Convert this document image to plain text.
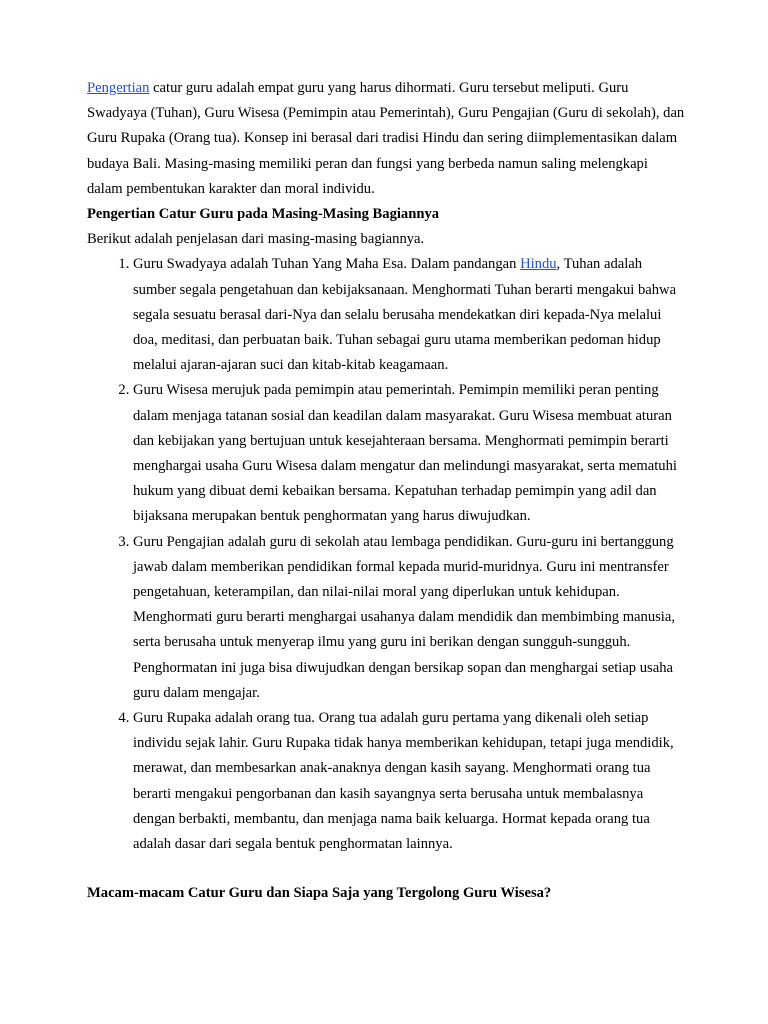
Pengertian catur guru adalah empat guru yang harus dihormati. Guru tersebut meliputi. Guru Swadyaya (Tuhan), Guru Wisesa (Pemimpin atau Pemerintah), Guru Pengajian (Guru di sekolah), dan Guru Rupaka (Orang tua). Konsep ini berasal dari tradisi Hindu dan sering diimplementasikan dalam budaya Bali. Masing-masing memiliki peran dan fungsi yang berbeda namun saling melengkapi dalam pembentukan karakter dan moral individu.

Pengertian Catur Guru pada Masing-Masing Bagiannya

Berikut adalah penjelasan dari masing-masing bagiannya.

1. Guru Swadyaya adalah Tuhan Yang Maha Esa. Dalam pandangan Hindu, Tuhan adalah sumber segala pengetahuan dan kebijaksanaan. Menghormati Tuhan berarti mengakui bahwa segala sesuatu berasal dari-Nya dan selalu berusaha mendekatkan diri kepada-Nya melalui doa, meditasi, dan perbuatan baik. Tuhan sebagai guru utama memberikan pedoman hidup melalui ajaran-ajaran suci dan kitab-kitab keagamaan.
2. Guru Wisesa merujuk pada pemimpin atau pemerintah. Pemimpin memiliki peran penting dalam menjaga tatanan sosial dan keadilan dalam masyarakat. Guru Wisesa membuat aturan dan kebijakan yang bertujuan untuk kesejahteraan bersama. Menghormati pemimpin berarti menghargai usaha Guru Wisesa dalam mengatur dan melindungi masyarakat, serta mematuhi hukum yang dibuat demi kebaikan bersama. Kepatuhan terhadap pemimpin yang adil dan bijaksana merupakan bentuk penghormatan yang harus diwujudkan.
3. Guru Pengajian adalah guru di sekolah atau lembaga pendidikan. Guru-guru ini bertanggung jawab dalam memberikan pendidikan formal kepada murid-muridnya. Guru ini mentransfer pengetahuan, keterampilan, dan nilai-nilai moral yang diperlukan untuk kehidupan. Menghormati guru berarti menghargai usahanya dalam mendidik dan membimbing manusia, serta berusaha untuk menyerap ilmu yang guru ini berikan dengan sungguh-sungguh. Penghormatan ini juga bisa diwujudkan dengan bersikap sopan dan menghargai setiap usaha guru dalam mengajar.
4. Guru Rupaka adalah orang tua. Orang tua adalah guru pertama yang dikenali oleh setiap individu sejak lahir. Guru Rupaka tidak hanya memberikan kehidupan, tetapi juga mendidik, merawat, dan membesarkan anak-anaknya dengan kasih sayang. Menghormati orang tua berarti mengakui pengorbanan dan kasih sayangnya serta berusaha untuk membalasnya dengan berbakti, membantu, dan menjaga nama baik keluarga. Hormat kepada orang tua adalah dasar dari segala bentuk penghormatan lainnya.

Macam-macam Catur Guru dan Siapa Saja yang Tergolong Guru Wisesa?
